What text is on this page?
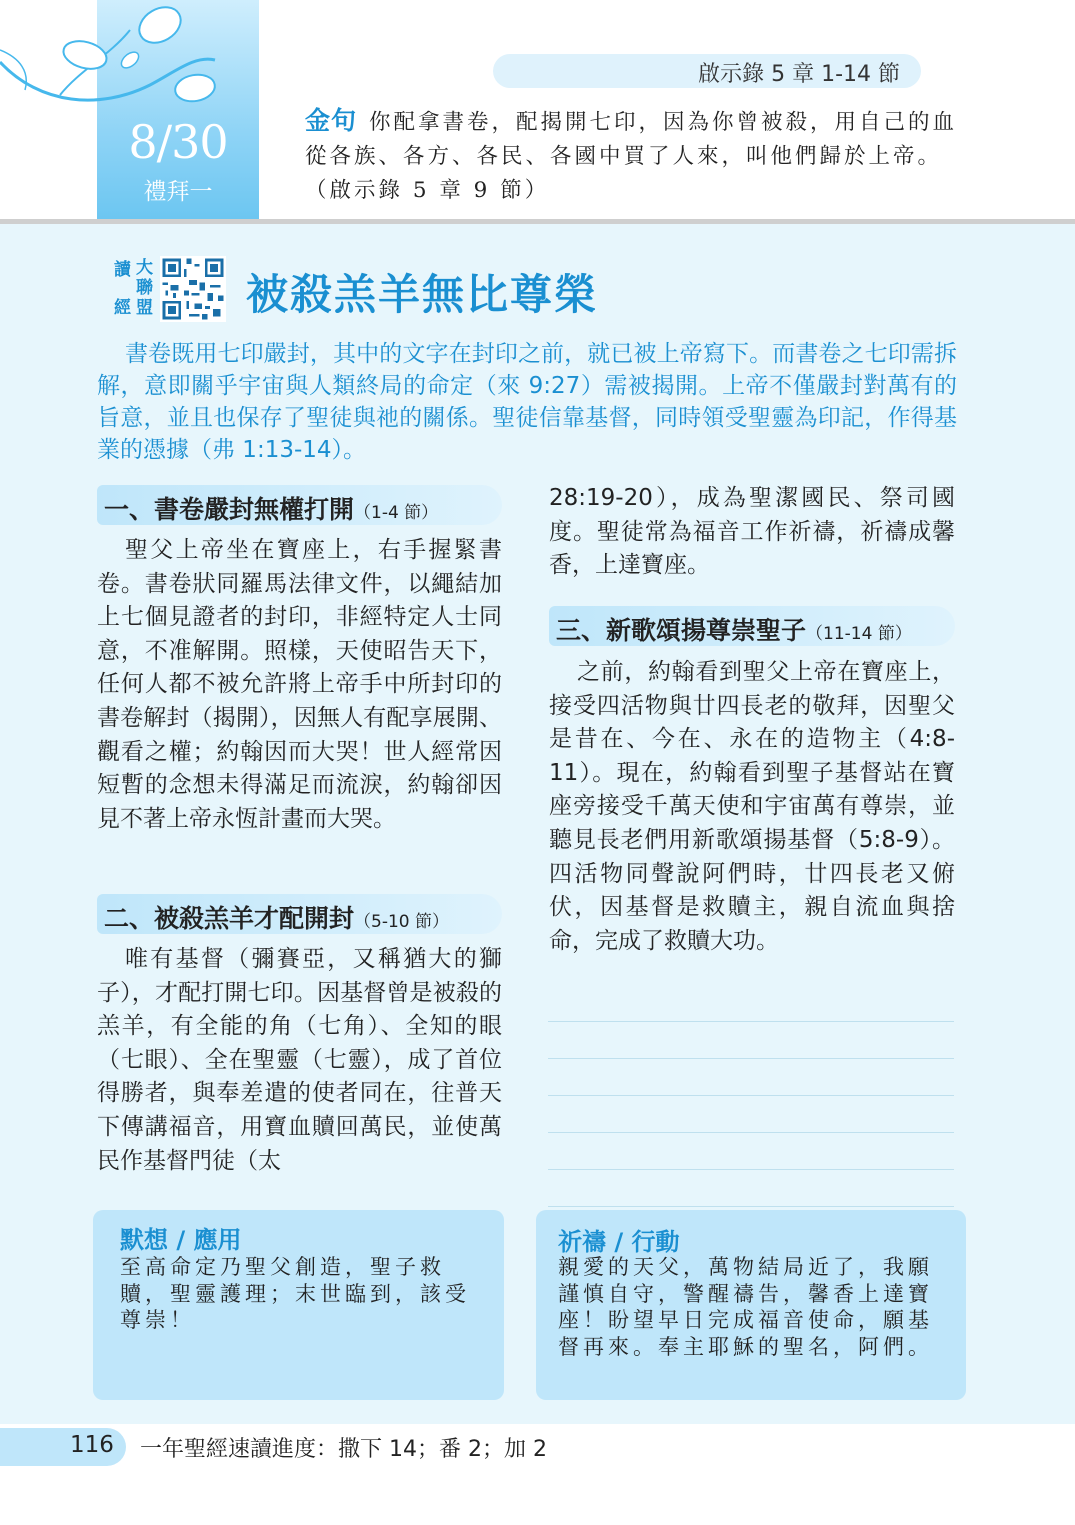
8/30
禮拜一
啟示錄 5 章 1-14 節
金句 你配拿書卷，配揭開七印，因為你曾被殺，用自己的血從各族、各方、各民、各國中買了人來，叫他們歸於上帝。（啟示錄 5 章 9 節）
讀 大
聯
經 盟 被殺羔羊無比尊榮
書卷既用七印嚴封，其中的文字在封印之前，就已被上帝寫下。而書卷之七印需拆解，意即關乎宇宙與人類終局的命定（來 9:27）需被揭開。上帝不僅嚴封對萬有的旨意，並且也保存了聖徒與祂的關係。聖徒信靠基督，同時領受聖靈為印記，作得基業的憑據（弗 1:13-14）。
一、書卷嚴封無權打開（1-4 節）
聖父上帝坐在寶座上，右手握緊書卷。書卷狀同羅馬法律文件，以繩結加上七個見證者的封印，非經特定人士同意，不准解開。照樣，天使昭告天下，任何人都不被允許將上帝手中所封印的書卷解封（揭開），因無人有配享展開、觀看之權；約翰因而大哭！世人經常因短暫的念想未得滿足而流淚，約翰卻因見不著上帝永恆計畫而大哭。
二、被殺羔羊才配開封（5-10 節）
唯有基督（彌賽亞，又稱猶大的獅子），才配打開七印。因基督曾是被殺的羔羊，有全能的角（七角）、全知的眼（七眼）、全在聖靈（七靈），成了首位得勝者，與奉差遣的使者同在，往普天下傳講福音，用寶血贖回萬民，並使萬民作基督門徒（太
28:19-20），成為聖潔國民、祭司國度。聖徒常為福音工作祈禱，祈禱成馨香，上達寶座。
三、新歌頌揚尊崇聖子（11-14 節）
之前，約翰看到聖父上帝在寶座上，接受四活物與廿四長老的敬拜，因聖父是昔在、今在、永在的造物主（4:8-11）。現在，約翰看到聖子基督站在寶座旁接受千萬天使和宇宙萬有尊崇，並聽見長老們用新歌頌揚基督（5:8-9）。四活物同聲說阿們時，廿四長老又俯伏，因基督是救贖主，親自流血與捨命，完成了救贖大功。
默想 / 應用
至高命定乃聖父創造，聖子救贖，聖靈護理；末世臨到，該受尊崇！
祈禱 / 行動
親愛的天父，萬物結局近了，我願謹慎自守，警醒禱告，馨香上達寶座！盼望早日完成福音使命，願基督再來。奉主耶穌的聖名，阿們。
116 一年聖經速讀進度：撒下 14；番 2；加 2
